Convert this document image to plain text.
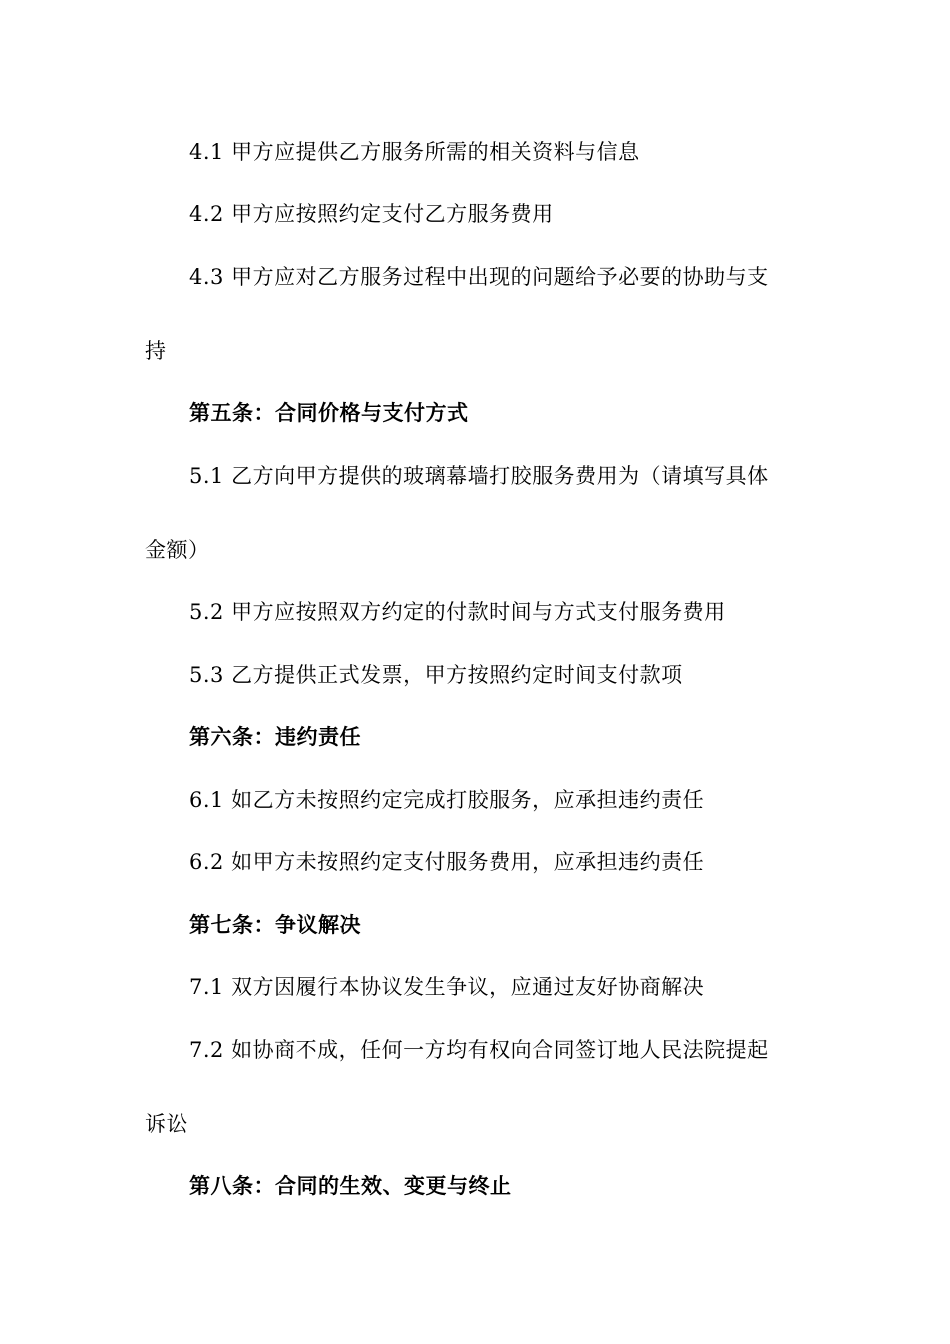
4.1 甲方应提供乙方服务所需的相关资料与信息
4.2 甲方应按照约定支付乙方服务费用
4.3 甲方应对乙方服务过程中出现的问题给予必要的协助与支
持
第五条：合同价格与支付方式
5.1 乙方向甲方提供的玻璃幕墙打胶服务费用为（请填写具体
金额）
5.2 甲方应按照双方约定的付款时间与方式支付服务费用
5.3 乙方提供正式发票，甲方按照约定时间支付款项
第六条：违约责任
6.1 如乙方未按照约定完成打胶服务，应承担违约责任
6.2 如甲方未按照约定支付服务费用，应承担违约责任
第七条：争议解决
7.1 双方因履行本协议发生争议，应通过友好协商解决
7.2 如协商不成，任何一方均有权向合同签订地人民法院提起
诉讼
第八条：合同的生效、变更与终止
